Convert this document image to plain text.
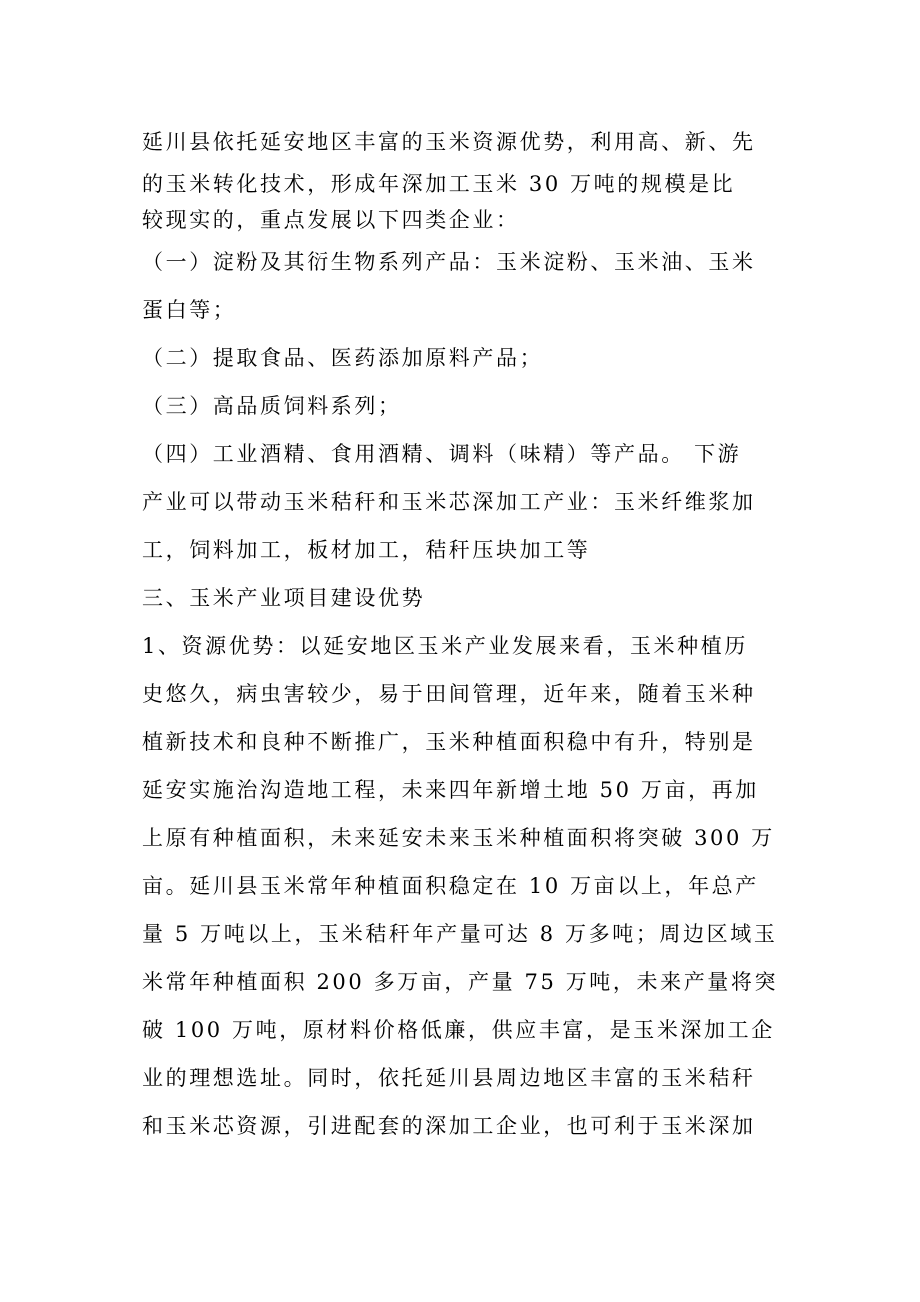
延川县依托延安地区丰富的玉米资源优势，利用高、新、先
的玉米转化技术，形成年深加工玉米 30 万吨的规模是比
较现实的，重点发展以下四类企业：
（一）淀粉及其衍生物系列产品：玉米淀粉、玉米油、玉米
蛋白等；
（二）提取食品、医药添加原料产品；
（三）高品质饲料系列；
（四）工业酒精、食用酒精、调料（味精）等产品。 下游
产业可以带动玉米秸秆和玉米芯深加工产业：玉米纤维浆加
工，饲料加工，板材加工，秸秆压块加工等
三、玉米产业项目建设优势
1、资源优势：以延安地区玉米产业发展来看，玉米种植历
史悠久，病虫害较少，易于田间管理，近年来，随着玉米种
植新技术和良种不断推广，玉米种植面积稳中有升，特别是
延安实施治沟造地工程，未来四年新增土地 50 万亩，再加
上原有种植面积，未来延安未来玉米种植面积将突破 300 万
亩。延川县玉米常年种植面积稳定在 10 万亩以上，年总产
量 5 万吨以上，玉米秸秆年产量可达 8 万多吨；周边区域玉
米常年种植面积 200 多万亩，产量 75 万吨，未来产量将突
破 100 万吨，原材料价格低廉，供应丰富，是玉米深加工企
业的理想选址。同时，依托延川县周边地区丰富的玉米秸秆
和玉米芯资源，引进配套的深加工企业，也可利于玉米深加
